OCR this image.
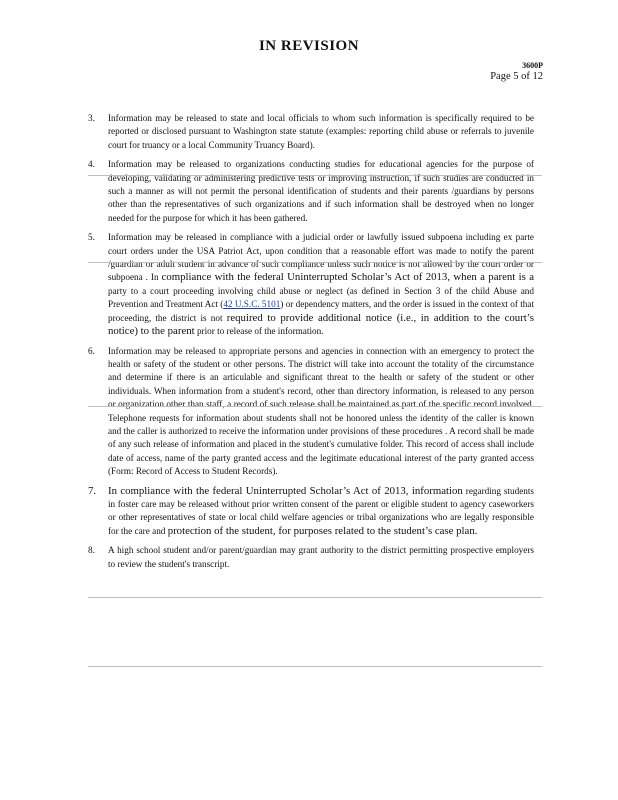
IN REVISION
3600P
Page 5 of 12
3. Information may be released to state and local officials to whom such information is specifically required to be reported or disclosed pursuant to Washington state statute (examples: reporting child abuse or referrals to juvenile court for truancy or a local Community Truancy Board).
4. Information may be released to organizations conducting studies for educational agencies for the purpose of developing, validating or administering predictive tests or improving instruction, if such studies are conducted in such a manner as will not permit the personal identification of students and their parents /guardians by persons other than the representatives of such organizations and if such information shall be destroyed when no longer needed for the purpose for which it has been gathered.
5. Information may be released in compliance with a judicial order or lawfully issued subpoena including ex parte court orders under the USA Patriot Act, upon condition that a reasonable effort was made to notify the parent /guardian or adult student in advance of such compliance unless such notice is not allowed by the court order or subpoena . In compliance with the federal Uninterrupted Scholar’s Act of 2013, when a parent is a party to a court proceeding involving child abuse or neglect (as defined in Section 3 of the child Abuse and Prevention and Treatment Act (42 U.S.C. 5101) or dependency matters, and the order is issued in the context of that proceeding, the district is not required to provide additional notice (i.e., in addition to the court’s notice) to the parent prior to release of the information.
6. Information may be released to appropriate persons and agencies in connection with an emergency to protect the health or safety of the student or other persons. The district will take into account the totality of the circumstance and determine if there is an articulable and significant threat to the health or safety of the student or other individuals. When information from a student's record, other than directory information, is released to any person or organization other than staff, a record of such release shall be maintained as part of the specific record involved. Telephone requests for information about students shall not be honored unless the identity of the caller is known and the caller is authorized to receive the information under provisions of these procedures . A record shall be made of any such release of information and placed in the student's cumulative folder. This record of access shall include date of access, name of the party granted access and the legitimate educational interest of the party granted access (Form: Record of Access to Student Records).
7. In compliance with the federal Uninterrupted Scholar’s Act of 2013, information regarding students in foster care may be released without prior written consent of the parent or eligible student to agency caseworkers or other representatives of state or local child welfare agencies or tribal organizations who are legally responsible for the care and protection of the student, for purposes related to the student’s case plan.
8. A high school student and/or parent/guardian may grant authority to the district permitting prospective employers to review the student's transcript.
